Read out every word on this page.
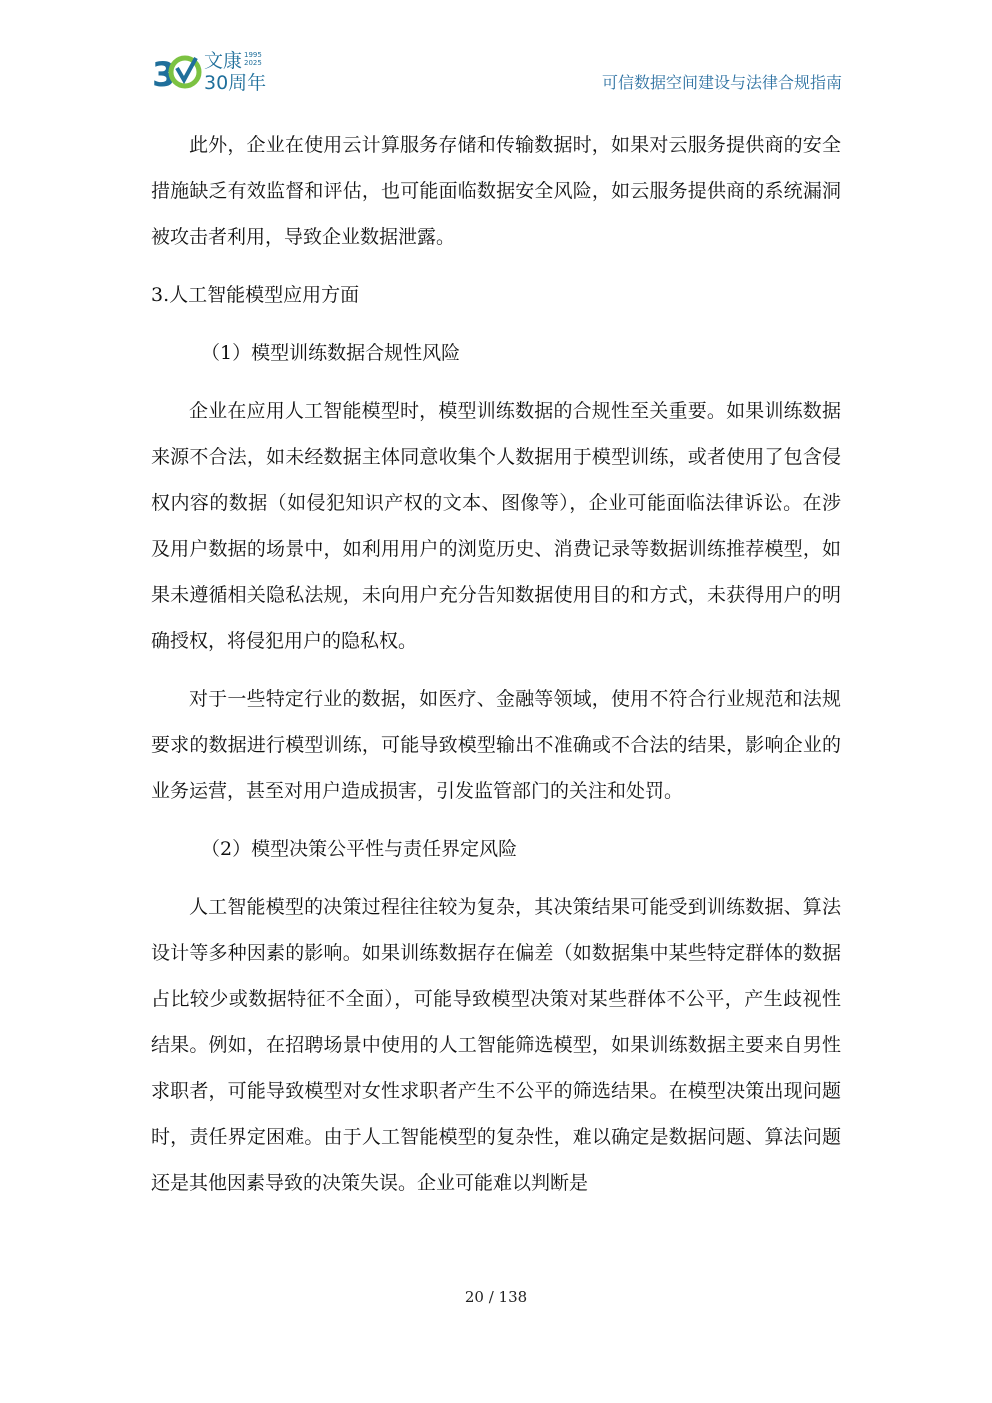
3 文康 1995
2025
30周年	可信数据空间建设与法律合规指南

此外，企业在使用云计算服务存储和传输数据时，如果对云服务提供商的安全措施缺乏有效监督和评估，也可能面临数据安全风险，如云服务提供商的系统漏洞被攻击者利用，导致企业数据泄露。

3.人工智能模型应用方面

（1）模型训练数据合规性风险

企业在应用人工智能模型时，模型训练数据的合规性至关重要。如果训练数据来源不合法，如未经数据主体同意收集个人数据用于模型训练，或者使用了包含侵权内容的数据（如侵犯知识产权的文本、图像等），企业可能面临法律诉讼。在涉及用户数据的场景中，如利用用户的浏览历史、消费记录等数据训练推荐模型，如果未遵循相关隐私法规，未向用户充分告知数据使用目的和方式，未获得用户的明确授权，将侵犯用户的隐私权。

对于一些特定行业的数据，如医疗、金融等领域，使用不符合行业规范和法规要求的数据进行模型训练，可能导致模型输出不准确或不合法的结果，影响企业的业务运营，甚至对用户造成损害，引发监管部门的关注和处罚。

（2）模型决策公平性与责任界定风险

人工智能模型的决策过程往往较为复杂，其决策结果可能受到训练数据、算法设计等多种因素的影响。如果训练数据存在偏差（如数据集中某些特定群体的数据占比较少或数据特征不全面），可能导致模型决策对某些群体不公平，产生歧视性结果。例如，在招聘场景中使用的人工智能筛选模型，如果训练数据主要来自男性求职者，可能导致模型对女性求职者产生不公平的筛选结果。在模型决策出现问题时，责任界定困难。由于人工智能模型的复杂性，难以确定是数据问题、算法问题还是其他因素导致的决策失误。企业可能难以判断是

20 / 138
